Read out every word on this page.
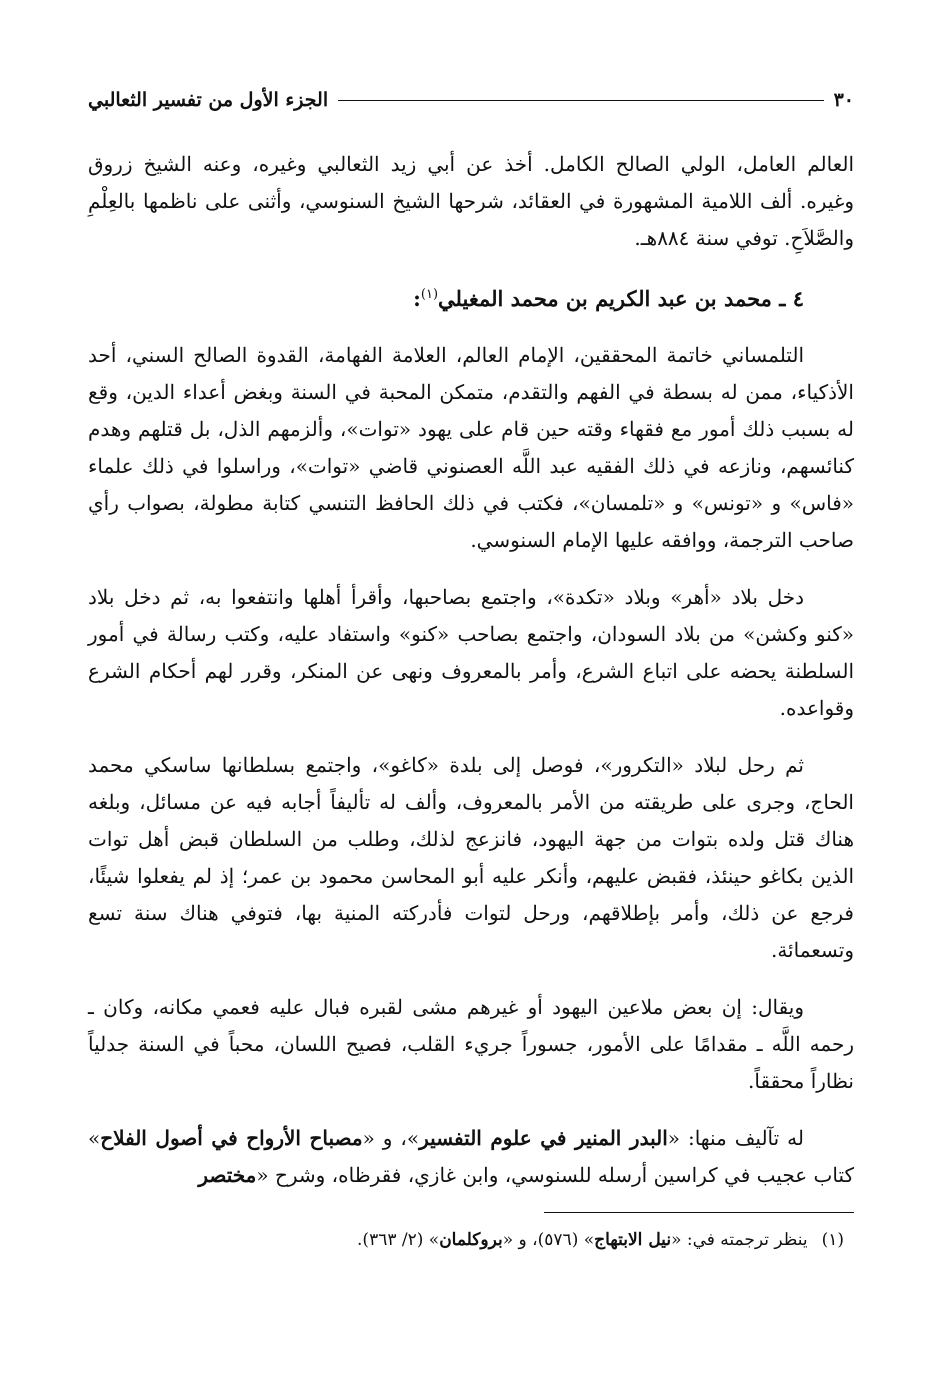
٣٠
الجزء الأول من تفسير الثعالبي

العالم العامل، الولي الصالح الكامل. أخذ عن أبي زيد الثعالبي وغيره، وعنه الشيخ زروق وغيره. ألف اللامية المشهورة في العقائد، شرحها الشيخ السنوسي، وأثنى على ناظمها بالعِلْمِ والصَّلاَحِ. توفي سنة ٨٨٤هـ.

٤ ـ محمد بن عبد الكريم بن محمد المغيلي$^{(١)}$:

التلمساني خاتمة المحققين، الإمام العالم، العلامة الفهامة، القدوة الصالح السني، أحد الأذكياء، ممن له بسطة في الفهم والتقدم، متمكن المحبة في السنة وبغض أعداء الدين، وقع له بسبب ذلك أمور مع فقهاء وقته حين قام على يهود «توات»، وألزمهم الذل، بل قتلهم وهدم كنائسهم، ونازعه في ذلك الفقيه عبد اللَّه العصنوني قاضي «توات»، وراسلوا في ذلك علماء «فاس» و «تونس» و «تلمسان»، فكتب في ذلك الحافظ التنسي كتابة مطولة، بصواب رأي صاحب الترجمة، ووافقه عليها الإمام السنوسي.

دخل بلاد «أهر» وبلاد «تكدة»، واجتمع بصاحبها، وأقرأ أهلها وانتفعوا به، ثم دخل بلاد «كنو وكشن» من بلاد السودان، واجتمع بصاحب «كنو» واستفاد عليه، وكتب رسالة في أمور السلطنة يحضه على اتباع الشرع، وأمر بالمعروف ونهى عن المنكر، وقرر لهم أحكام الشرع وقواعده.

ثم رحل لبلاد «التكرور»، فوصل إلى بلدة «كاغو»، واجتمع بسلطانها ساسكي محمد الحاج، وجرى على طريقته من الأمر بالمعروف، وألف له تأليفاً أجابه فيه عن مسائل، وبلغه هناك قتل ولده بتوات من جهة اليهود، فانزعج لذلك، وطلب من السلطان قبض أهل توات الذين بكاغو حينئذ، فقبض عليهم، وأنكر عليه أبو المحاسن محمود بن عمر؛ إذ لم يفعلوا شيئًا، فرجع عن ذلك، وأمر بإطلاقهم، ورحل لتوات فأدركته المنية بها، فتوفي هناك سنة تسع وتسعمائة.

ويقال: إن بعض ملاعين اليهود أو غيرهم مشى لقبره فبال عليه فعمي مكانه، وكان ـ رحمه اللَّه ـ مقدامًا على الأمور، جسوراً جريء القلب، فصيح اللسان، محباً في السنة جدلياً نظاراً محققاً.

له تآليف منها: «البدر المنير في علوم التفسير»، و «مصباح الأرواح في أصول الفلاح» كتاب عجيب في كراسين أرسله للسنوسي، وابن غازي، فقرظاه، وشرح «مختصر

(١)ينظر ترجمته في: «نيل الابتهاج» (٥٧٦)، و «بروكلمان» (٢/ ٣٦٣).
